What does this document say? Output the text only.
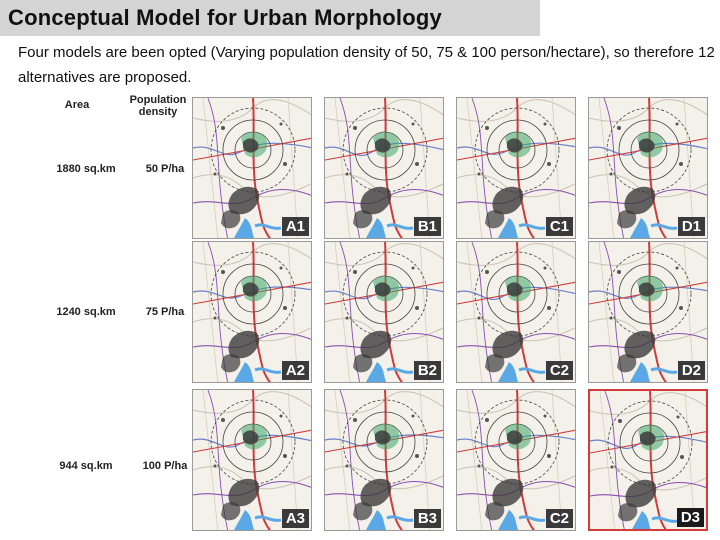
Conceptual Model for Urban Morphology
Four models are been opted (Varying population density of 50, 75 & 100 person/hectare), so therefore 12 alternatives are proposed.
Area	Population density
1880 sq.km	50 P/ha
1240 sq.km	75 P/ha
944 sq.km	100 P/ha
A1	B1	C1	D1
A2	B2	C2	D2
A3	B3	C2	D3
